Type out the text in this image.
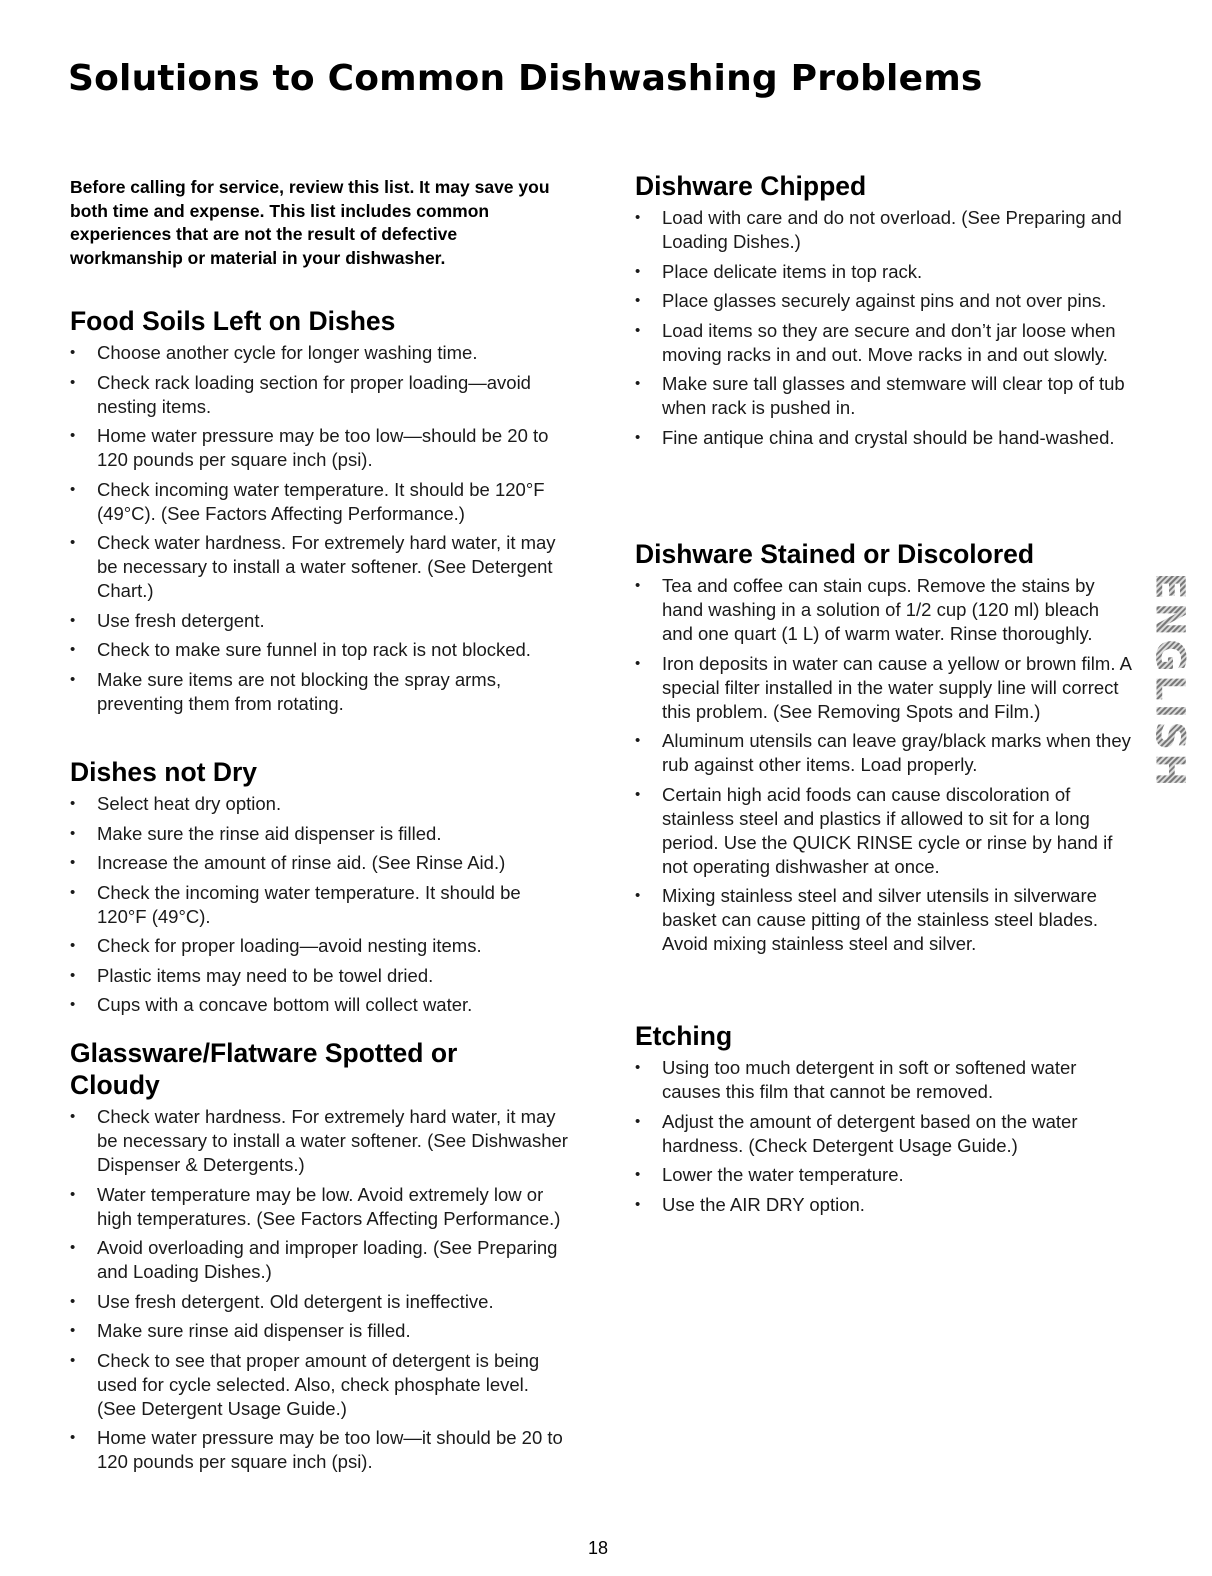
Solutions to Common Dishwashing Problems

Before calling for service, review this list. It may save you both time and expense. This list includes common experiences that are not the result of defective workmanship or material in your dishwasher.

Food Soils Left on Dishes
• Choose another cycle for longer washing time.
• Check rack loading section for proper loading—avoid nesting items.
• Home water pressure may be too low—should be 20 to 120 pounds per square inch (psi).
• Check incoming water temperature. It should be 120°F (49°C). (See Factors Affecting Performance.)
• Check water hardness. For extremely hard water, it may be necessary to install a water softener. (See Detergent Chart.)
• Use fresh detergent.
• Check to make sure funnel in top rack is not blocked.
• Make sure items are not blocking the spray arms, preventing them from rotating.
Dishes not Dry
• Select heat dry option.
• Make sure the rinse aid dispenser is filled.
• Increase the amount of rinse aid. (See Rinse Aid.)
• Check the incoming water temperature. It should be 120°F (49°C).
• Check for proper loading—avoid nesting items.
• Plastic items may need to be towel dried.
• Cups with a concave bottom will collect water.
Glassware/Flatware Spotted or Cloudy
• Check water hardness. For extremely hard water, it may be necessary to install a water softener. (See Dishwasher Dispenser & Detergents.)
• Water temperature may be low. Avoid extremely low or high temperatures. (See Factors Affecting Performance.)
• Avoid overloading and improper loading. (See Preparing and Loading Dishes.)
• Use fresh detergent. Old detergent is ineffective.
• Make sure rinse aid dispenser is filled.
• Check to see that proper amount of detergent is being used for cycle selected. Also, check phosphate level. (See Detergent Usage Guide.)
• Home water pressure may be too low—it should be 20 to 120 pounds per square inch (psi).
Dishware Chipped
• Load with care and do not overload. (See Preparing and Loading Dishes.)
• Place delicate items in top rack.
• Place glasses securely against pins and not over pins.
• Load items so they are secure and don’t jar loose when moving racks in and out. Move racks in and out slowly.
• Make sure tall glasses and stemware will clear top of tub when rack is pushed in.
• Fine antique china and crystal should be hand-washed.
Dishware Stained or Discolored
• Tea and coffee can stain cups. Remove the stains by hand washing in a solution of 1/2 cup (120 ml) bleach and one quart (1 L) of warm water. Rinse thoroughly.
• Iron deposits in water can cause a yellow or brown film. A special filter installed in the water supply line will correct this problem. (See Removing Spots and Film.)
• Aluminum utensils can leave gray/black marks when they rub against other items. Load properly.
• Certain high acid foods can cause discoloration of stainless steel and plastics if allowed to sit for a long period. Use the QUICK RINSE cycle or rinse by hand if not operating dishwasher at once.
• Mixing stainless steel and silver utensils in silverware basket can cause pitting of the stainless steel blades. Avoid mixing stainless steel and silver.
Etching
• Using too much detergent in soft or softened water causes this film that cannot be removed.
• Adjust the amount of detergent based on the water hardness. (Check Detergent Usage Guide.)
• Lower the water temperature.
• Use the AIR DRY option.
ENGLISH
18
